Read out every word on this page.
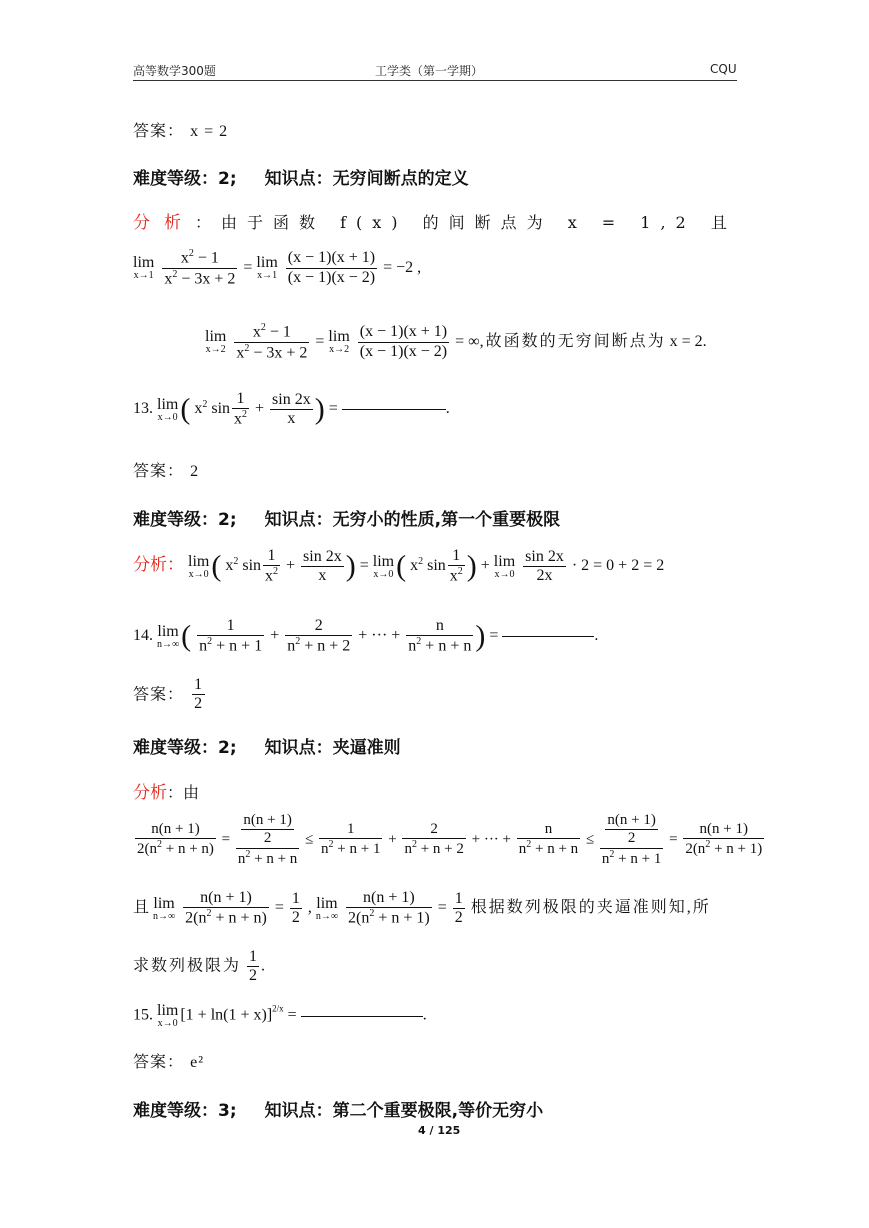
高等数学300题	工学类（第一学期）	CQU
答案： x = 2
难度等级：2; 知识点：无穷间断点的定义
分析：由于函数 f(x) 的间断点为 x = 1,2 且
lim
x→1
$\frac{x^2 - 1}{x^2 - 3x + 2} = \lim$
x→1
$\frac{(x - 1)(x + 1)}{(x - 1)(x - 2)} = -2$ ,
lim
x→2
$\frac{x^2 - 1}{x^2 - 3x + 2} = \lim$
x→2
$\frac{(x - 1)(x + 1)}{(x - 1)(x - 2)}$ = ∞,故函数的无穷间断点为 x = 2.
13. lim
x→0 ( $x^2$ $\sin \frac{1}{x^2} + \frac{\sin 2x}{x}$ ) =	.
答案： 2
难度等级：2; 知识点：无穷小的性质,第一个重要极限
分析： lim
x→0 ( $x^2$ $\sin \frac{1}{x^2} + \frac{\sin 2x}{x}$ ) = lim
x→0 ( $x^2$ $\sin \frac{1}{x^2}$ ) + lim
x→0
$\frac{\sin 2x}{2x} \cdot 2 = 0 + 2 = 2$
14. lim
n→∞ ( $\frac{1}{n^2 + n + 1} + \frac{2}{n^2 + n + 2}$ + ··· + $\frac{n}{n^2 + n + n}$ ) =	.
答案： $\frac{1}{2}$
难度等级：2; 知识点：夹逼准则
分析：由
$\frac{n(n + 1)}{2(n^2 + n + n)} = \frac{\frac{n(n + 1)}{2}}{n^2 + n + n} \le \frac{1}{n^2 + n + 1} + \frac{2}{n^2 + n + 2}$ + ··· + $\frac{n}{n^2 + n + n} \le \frac{\frac{n(n + 1)}{2}}{n^2 + n + 1} = \frac{n(n + 1)}{2(n^2 + n + 1)}$
且 lim
n→∞
$\frac{n(n + 1)}{2(n^2 + n + n)} = \frac{1}{2}$ , lim
n→∞
$\frac{n(n + 1)}{2(n^2 + n + 1)} = \frac{1}{2}$ 根据数列极限的夹逼准则知,所
求数列极限为 $\frac{1}{2}$ .
15. lim
x→0 $[1 + \ln(1 + x)]^{2/x}$ =	.
答案： e²
难度等级：3; 知识点：第二个重要极限,等价无穷小
4 / 125
